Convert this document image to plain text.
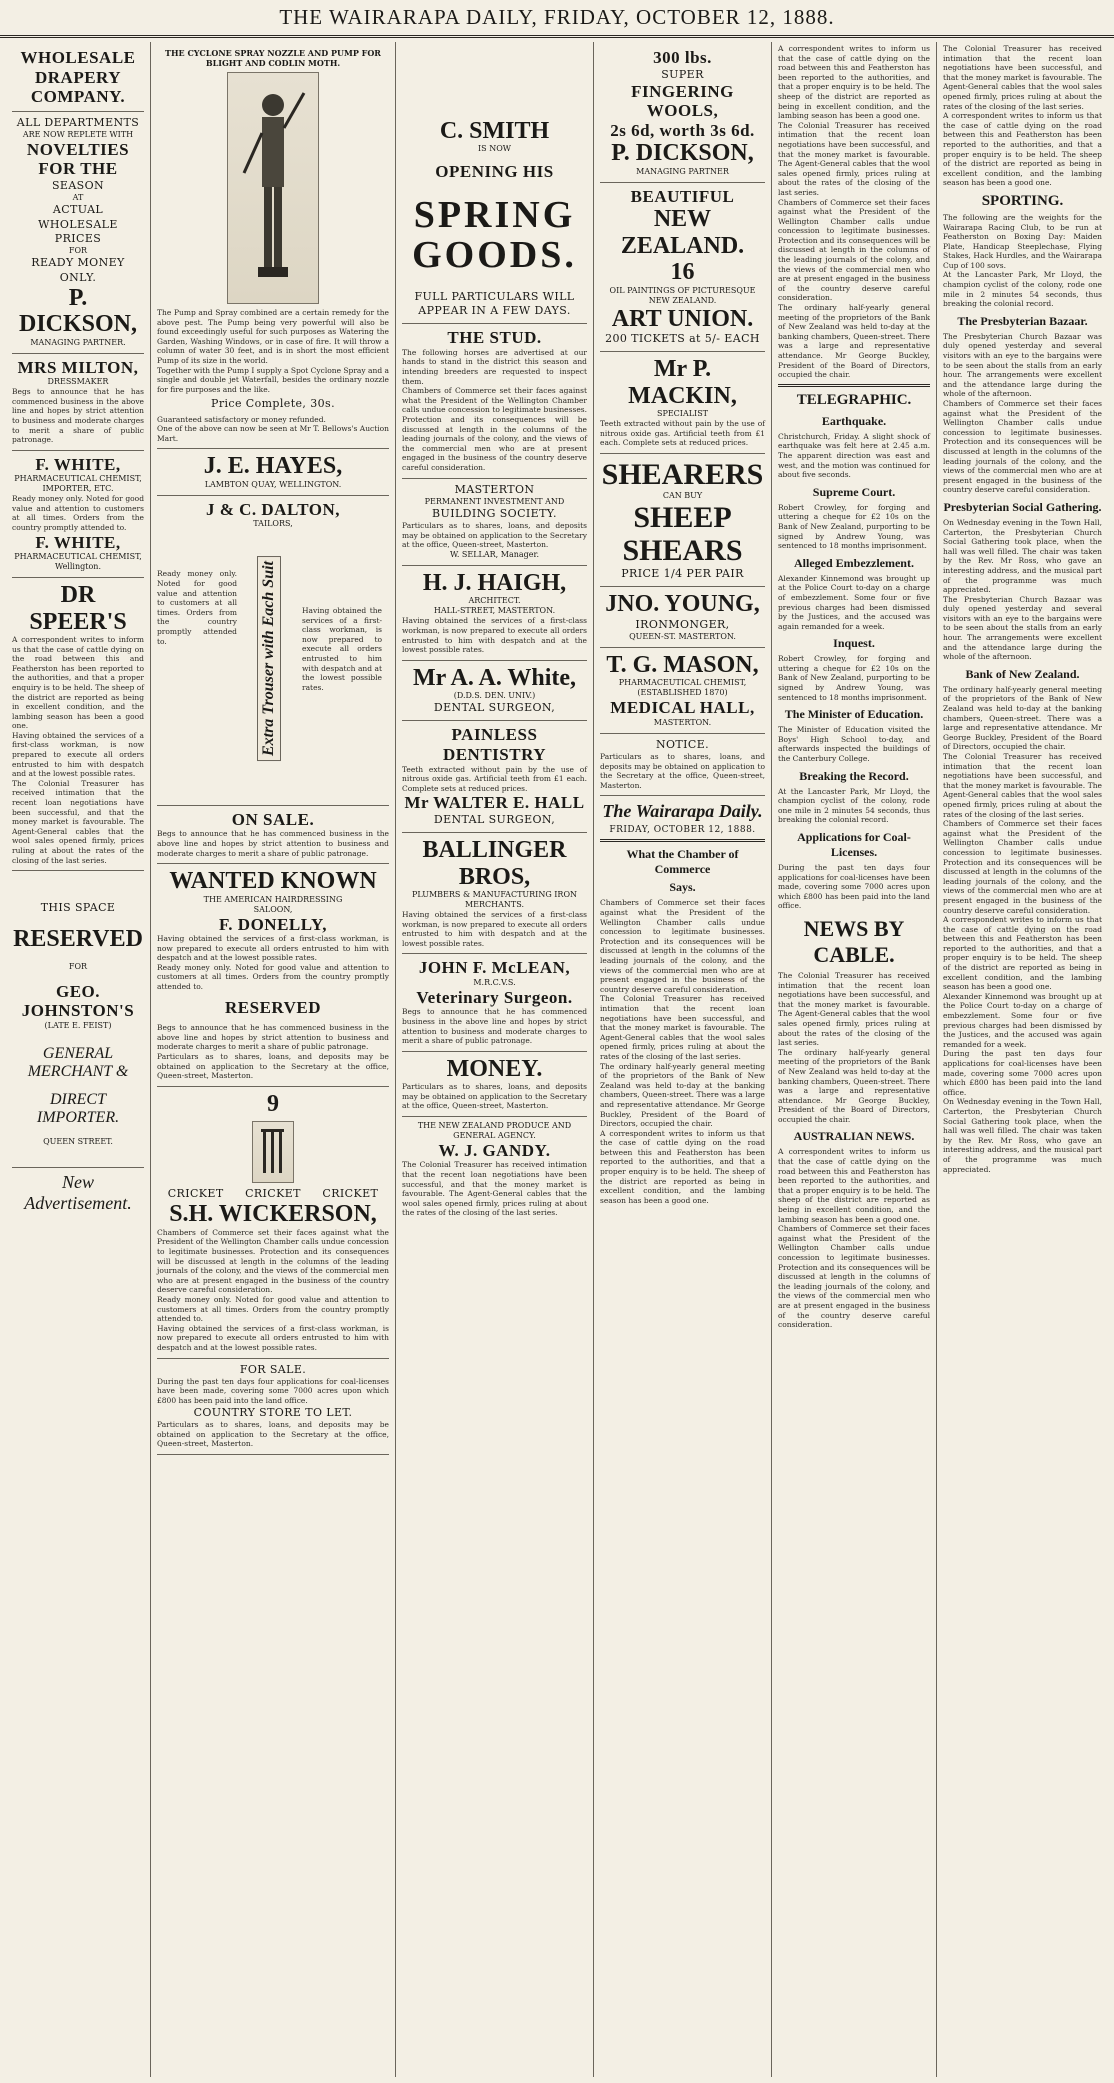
THE WAIRARAPA DAILY, FRIDAY, OCTOBER 12, 1888.
WHOLESALE
DRAPERY
COMPANY.
ALL DEPARTMENTS
ARE NOW REPLETE WITH
NOVELTIES FOR THE
SEASON
AT
ACTUAL WHOLESALE
PRICES
FOR
READY MONEY ONLY.
P. DICKSON,
MANAGING PARTNER.
MRS MILTON,
DRESSMAKER
Begs to announce that he has commenced business in the above line and hopes by strict attention to business and moderate charges to merit a share of public patronage.
F. WHITE,
PHARMACEUTICAL CHEMIST,
IMPORTER, ETC.
Ready money only. Noted for good value and attention to customers at all times. Orders from the country promptly attended to.
F. WHITE,
PHARMACEUTICAL CHEMIST, Wellington.
DR SPEER'S
A correspondent writes to inform us that the case of cattle dying on the road between this and Featherston has been reported to the authorities, and that a proper enquiry is to be held. The sheep of the district are reported as being in excellent condition, and the lambing season has been a good one.
Having obtained the services of a first-class workman, is now prepared to execute all orders entrusted to him with despatch and at the lowest possible rates.
The Colonial Treasurer has received intimation that the recent loan negotiations have been successful, and that the money market is favourable. The Agent-General cables that the wool sales opened firmly, prices ruling at about the rates of the closing of the last series.
THIS SPACE
RESERVED
FOR
GEO. JOHNSTON'S
(LATE E. FEIST)
GENERAL MERCHANT &
DIRECT IMPORTER.
QUEEN STREET.
New Advertisement.
THE CYCLONE SPRAY NOZZLE AND PUMP FOR BLIGHT AND CODLIN MOTH.
The Pump and Spray combined are a certain remedy for the above pest. The Pump being very powerful will also be found exceedingly useful for such purposes as Watering the Garden, Washing Windows, or in case of fire. It will throw a column of water 30 feet, and is in short the most efficient Pump of its size in the world.
Together with the Pump I supply a Spot Cyclone Spray and a single and double jet Waterfall, besides the ordinary nozzle for fire purposes and the like.
Price Complete, 30s.
Guaranteed satisfactory or money refunded.
One of the above can now be seen at Mr T. Bellows's Auction Mart.
J. E. HAYES,
LAMBTON QUAY, WELLINGTON.
J & C. DALTON,
TAILORS,
Extra Trouser with Each Suit
Ready money only. Noted for good value and attention to customers at all times. Orders from the country promptly attended to.
Having obtained the services of a first-class workman, is now prepared to execute all orders entrusted to him with despatch and at the lowest possible rates.
ON SALE.
Begs to announce that he has commenced business in the above line and hopes by strict attention to business and moderate charges to merit a share of public patronage.
WANTED KNOWN
THE AMERICAN HAIRDRESSING
SALOON,
F. DONELLY,
Having obtained the services of a first-class workman, is now prepared to execute all orders entrusted to him with despatch and at the lowest possible rates.
Ready money only. Noted for good value and attention to customers at all times. Orders from the country promptly attended to.
RESERVED
Begs to announce that he has commenced business in the above line and hopes by strict attention to business and moderate charges to merit a share of public patronage.
Particulars as to shares, loans, and deposits may be obtained on application to the Secretary at the office, Queen-street, Masterton.
9
CRICKET CRICKET CRICKET
S.H. WICKERSON,
Chambers of Commerce set their faces against what the President of the Wellington Chamber calls undue concession to legitimate businesses. Protection and its consequences will be discussed at length in the columns of the leading journals of the colony, and the views of the commercial men who are at present engaged in the business of the country deserve careful consideration.
Ready money only. Noted for good value and attention to customers at all times. Orders from the country promptly attended to.
Having obtained the services of a first-class workman, is now prepared to execute all orders entrusted to him with despatch and at the lowest possible rates.
FOR SALE.
During the past ten days four applications for coal-licenses have been made, covering some 7000 acres upon which £800 has been paid into the land office.
COUNTRY STORE TO LET.
Particulars as to shares, loans, and deposits may be obtained on application to the Secretary at the office, Queen-street, Masterton.
C. SMITH
IS NOW
OPENING HIS
SPRING
GOODS.
FULL PARTICULARS WILL
APPEAR IN A FEW DAYS.
THE STUD.
The following horses are advertised at our hands to stand in the district this season and intending breeders are requested to inspect them.
Chambers of Commerce set their faces against what the President of the Wellington Chamber calls undue concession to legitimate businesses. Protection and its consequences will be discussed at length in the columns of the leading journals of the colony, and the views of the commercial men who are at present engaged in the business of the country deserve careful consideration.
MASTERTON
PERMANENT INVESTMENT AND
BUILDING SOCIETY.
Particulars as to shares, loans, and deposits may be obtained on application to the Secretary at the office, Queen-street, Masterton.
W. SELLAR, Manager.
H. J. HAIGH,
ARCHITECT.
HALL-STREET, MASTERTON.
Having obtained the services of a first-class workman, is now prepared to execute all orders entrusted to him with despatch and at the lowest possible rates.
Mr A. A. White,
(D.D.S. DEN. UNIV.)
DENTAL SURGEON,
PAINLESS DENTISTRY
Teeth extracted without pain by the use of nitrous oxide gas. Artificial teeth from £1 each. Complete sets at reduced prices.
Mr WALTER E. HALL
DENTAL SURGEON,
BALLINGER BROS,
PLUMBERS & MANUFACTURING IRON MERCHANTS.
Having obtained the services of a first-class workman, is now prepared to execute all orders entrusted to him with despatch and at the lowest possible rates.
JOHN F. McLEAN,
M.R.C.V.S.
Veterinary Surgeon.
Begs to announce that he has commenced business in the above line and hopes by strict attention to business and moderate charges to merit a share of public patronage.
MONEY.
Particulars as to shares, loans, and deposits may be obtained on application to the Secretary at the office, Queen-street, Masterton.
THE NEW ZEALAND PRODUCE AND GENERAL AGENCY.
W. J. GANDY.
The Colonial Treasurer has received intimation that the recent loan negotiations have been successful, and that the money market is favourable. The Agent-General cables that the wool sales opened firmly, prices ruling at about the rates of the closing of the last series.
300 lbs.
SUPER
FINGERING
WOOLS,
2s 6d, worth 3s 6d.
P. DICKSON,
MANAGING PARTNER
BEAUTIFUL
NEW ZEALAND.
16
OIL PAINTINGS OF PICTURESQUE NEW ZEALAND.
ART UNION.
200 TICKETS at 5/- EACH
Mr P. MACKIN,
SPECIALIST
Teeth extracted without pain by the use of nitrous oxide gas. Artificial teeth from £1 each. Complete sets at reduced prices.
SHEARERS
CAN BUY
SHEEP
SHEARS
PRICE 1/4 PER PAIR
JNO. YOUNG,
IRONMONGER,
QUEEN-ST. MASTERTON.
T. G. MASON,
PHARMACEUTICAL CHEMIST,
(ESTABLISHED 1870)
MEDICAL HALL,
MASTERTON.
NOTICE.
Particulars as to shares, loans, and deposits may be obtained on application to the Secretary at the office, Queen-street, Masterton.
The Wairarapa Daily.
FRIDAY, OCTOBER 12, 1888.
What the Chamber of Commerce
Says.
Chambers of Commerce set their faces against what the President of the Wellington Chamber calls undue concession to legitimate businesses. Protection and its consequences will be discussed at length in the columns of the leading journals of the colony, and the views of the commercial men who are at present engaged in the business of the country deserve careful consideration.
The Colonial Treasurer has received intimation that the recent loan negotiations have been successful, and that the money market is favourable. The Agent-General cables that the wool sales opened firmly, prices ruling at about the rates of the closing of the last series.
The ordinary half-yearly general meeting of the proprietors of the Bank of New Zealand was held to-day at the banking chambers, Queen-street. There was a large and representative attendance. Mr George Buckley, President of the Board of Directors, occupied the chair.
A correspondent writes to inform us that the case of cattle dying on the road between this and Featherston has been reported to the authorities, and that a proper enquiry is to be held. The sheep of the district are reported as being in excellent condition, and the lambing season has been a good one.
A correspondent writes to inform us that the case of cattle dying on the road between this and Featherston has been reported to the authorities, and that a proper enquiry is to be held. The sheep of the district are reported as being in excellent condition, and the lambing season has been a good one.
The Colonial Treasurer has received intimation that the recent loan negotiations have been successful, and that the money market is favourable. The Agent-General cables that the wool sales opened firmly, prices ruling at about the rates of the closing of the last series.
Chambers of Commerce set their faces against what the President of the Wellington Chamber calls undue concession to legitimate businesses. Protection and its consequences will be discussed at length in the columns of the leading journals of the colony, and the views of the commercial men who are at present engaged in the business of the country deserve careful consideration.
The ordinary half-yearly general meeting of the proprietors of the Bank of New Zealand was held to-day at the banking chambers, Queen-street. There was a large and representative attendance. Mr George Buckley, President of the Board of Directors, occupied the chair.
TELEGRAPHIC.
Earthquake.
Christchurch, Friday. A slight shock of earthquake was felt here at 2.45 a.m. The apparent direction was east and west, and the motion was continued for about five seconds.
Supreme Court.
Robert Crowley, for forging and uttering a cheque for £2 10s on the Bank of New Zealand, purporting to be signed by Andrew Young, was sentenced to 18 months imprisonment.
Alleged Embezzlement.
Alexander Kinnemond was brought up at the Police Court to-day on a charge of embezzlement. Some four or five previous charges had been dismissed by the Justices, and the accused was again remanded for a week.
Inquest.
Robert Crowley, for forging and uttering a cheque for £2 10s on the Bank of New Zealand, purporting to be signed by Andrew Young, was sentenced to 18 months imprisonment.
The Minister of Education.
The Minister of Education visited the Boys' High School to-day, and afterwards inspected the buildings of the Canterbury College.
Breaking the Record.
At the Lancaster Park, Mr Lloyd, the champion cyclist of the colony, rode one mile in 2 minutes 54 seconds, thus breaking the colonial record.
Applications for Coal-Licenses.
During the past ten days four applications for coal-licenses have been made, covering some 7000 acres upon which £800 has been paid into the land office.
NEWS BY CABLE.
The Colonial Treasurer has received intimation that the recent loan negotiations have been successful, and that the money market is favourable. The Agent-General cables that the wool sales opened firmly, prices ruling at about the rates of the closing of the last series.
The ordinary half-yearly general meeting of the proprietors of the Bank of New Zealand was held to-day at the banking chambers, Queen-street. There was a large and representative attendance. Mr George Buckley, President of the Board of Directors, occupied the chair.
AUSTRALIAN NEWS.
A correspondent writes to inform us that the case of cattle dying on the road between this and Featherston has been reported to the authorities, and that a proper enquiry is to be held. The sheep of the district are reported as being in excellent condition, and the lambing season has been a good one.
Chambers of Commerce set their faces against what the President of the Wellington Chamber calls undue concession to legitimate businesses. Protection and its consequences will be discussed at length in the columns of the leading journals of the colony, and the views of the commercial men who are at present engaged in the business of the country deserve careful consideration.
The Colonial Treasurer has received intimation that the recent loan negotiations have been successful, and that the money market is favourable. The Agent-General cables that the wool sales opened firmly, prices ruling at about the rates of the closing of the last series.
A correspondent writes to inform us that the case of cattle dying on the road between this and Featherston has been reported to the authorities, and that a proper enquiry is to be held. The sheep of the district are reported as being in excellent condition, and the lambing season has been a good one.
SPORTING.
The following are the weights for the Wairarapa Racing Club, to be run at Featherston on Boxing Day: Maiden Plate, Handicap Steeplechase, Flying Stakes, Hack Hurdles, and the Wairarapa Cup of 100 sovs.
At the Lancaster Park, Mr Lloyd, the champion cyclist of the colony, rode one mile in 2 minutes 54 seconds, thus breaking the colonial record.
The Presbyterian Bazaar.
The Presbyterian Church Bazaar was duly opened yesterday and several visitors with an eye to the bargains were to be seen about the stalls from an early hour. The arrangements were excellent and the attendance large during the whole of the afternoon.
Chambers of Commerce set their faces against what the President of the Wellington Chamber calls undue concession to legitimate businesses. Protection and its consequences will be discussed at length in the columns of the leading journals of the colony, and the views of the commercial men who are at present engaged in the business of the country deserve careful consideration.
Presbyterian Social Gathering.
On Wednesday evening in the Town Hall, Carterton, the Presbyterian Church Social Gathering took place, when the hall was well filled. The chair was taken by the Rev. Mr Ross, who gave an interesting address, and the musical part of the programme was much appreciated.
The Presbyterian Church Bazaar was duly opened yesterday and several visitors with an eye to the bargains were to be seen about the stalls from an early hour. The arrangements were excellent and the attendance large during the whole of the afternoon.
Bank of New Zealand.
The ordinary half-yearly general meeting of the proprietors of the Bank of New Zealand was held to-day at the banking chambers, Queen-street. There was a large and representative attendance. Mr George Buckley, President of the Board of Directors, occupied the chair.
The Colonial Treasurer has received intimation that the recent loan negotiations have been successful, and that the money market is favourable. The Agent-General cables that the wool sales opened firmly, prices ruling at about the rates of the closing of the last series.
Chambers of Commerce set their faces against what the President of the Wellington Chamber calls undue concession to legitimate businesses. Protection and its consequences will be discussed at length in the columns of the leading journals of the colony, and the views of the commercial men who are at present engaged in the business of the country deserve careful consideration.
A correspondent writes to inform us that the case of cattle dying on the road between this and Featherston has been reported to the authorities, and that a proper enquiry is to be held. The sheep of the district are reported as being in excellent condition, and the lambing season has been a good one.
Alexander Kinnemond was brought up at the Police Court to-day on a charge of embezzlement. Some four or five previous charges had been dismissed by the Justices, and the accused was again remanded for a week.
During the past ten days four applications for coal-licenses have been made, covering some 7000 acres upon which £800 has been paid into the land office.
On Wednesday evening in the Town Hall, Carterton, the Presbyterian Church Social Gathering took place, when the hall was well filled. The chair was taken by the Rev. Mr Ross, who gave an interesting address, and the musical part of the programme was much appreciated.
